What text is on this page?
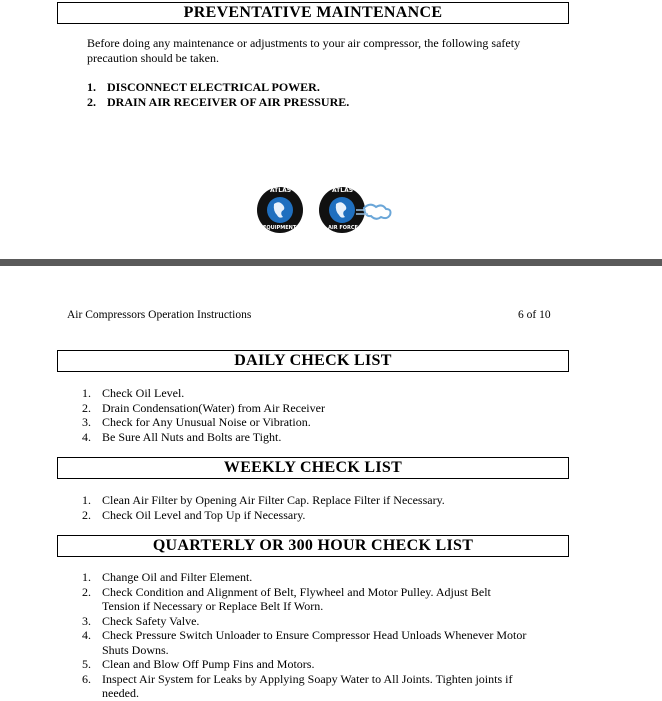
PREVENTATIVE MAINTENANCE
Before doing any maintenance or adjustments to your air compressor, the following safety precaution should be taken.
1. DISCONNECT ELECTRICAL POWER.
2. DRAIN AIR RECEIVER OF AIR PRESSURE.
ATLAS
EQUIPMENT
ATLAS
AIR FORCE
Air Compressors Operation Instructions	6 of 10
DAILY CHECK LIST
1. Check Oil Level.
2. Drain Condensation(Water) from Air Receiver
3. Check for Any Unusual Noise or Vibration.
4. Be Sure All Nuts and Bolts are Tight.
WEEKLY CHECK LIST
1. Clean Air Filter by Opening Air Filter Cap. Replace Filter if Necessary.
2. Check Oil Level and Top Up if Necessary.
QUARTERLY OR 300 HOUR CHECK LIST
1. Change Oil and Filter Element.
2. Check Condition and Alignment of Belt, Flywheel and Motor Pulley. Adjust Belt Tension if Necessary or Replace Belt If Worn.
3. Check Safety Valve.
4. Check Pressure Switch Unloader to Ensure Compressor Head Unloads Whenever Motor Shuts Downs.
5. Clean and Blow Off Pump Fins and Motors.
6. Inspect Air System for Leaks by Applying Soapy Water to All Joints. Tighten joints if needed.
